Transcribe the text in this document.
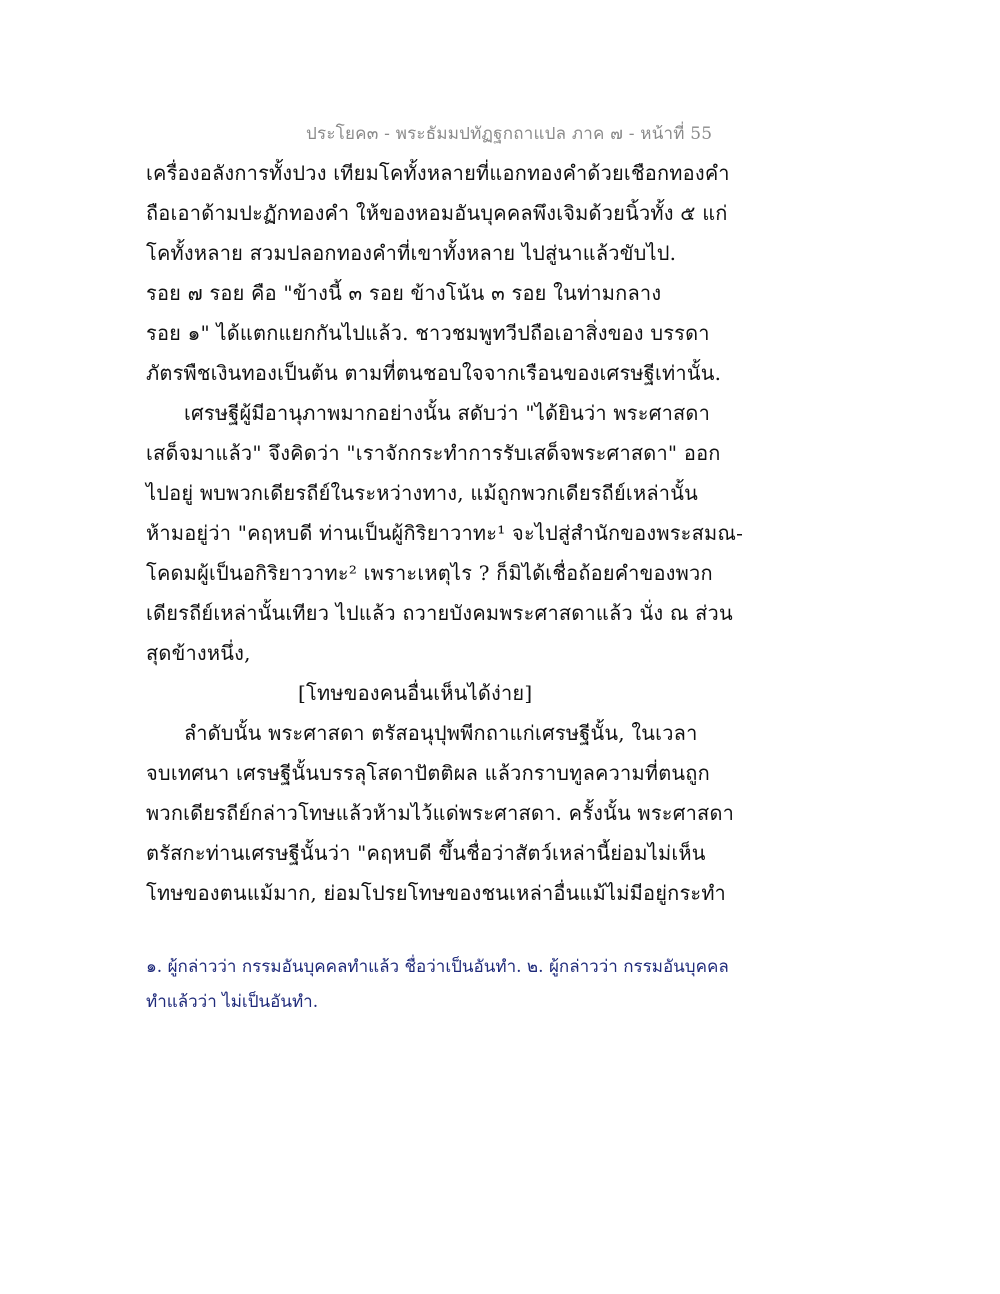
ประโยค๓ - พระธัมมปทัฏฐกถาแปล ภาค ๗ - หน้าที่ 55
เครื่องอลังการทั้งปวง เทียมโคทั้งหลายที่แอกทองคำด้วยเชือกทองคำ
ถือเอาด้ามปะฏักทองคำ ให้ของหอมอันบุคคลพึงเจิมด้วยนิ้วทั้ง ๕ แก่
โคทั้งหลาย สวมปลอกทองคำที่เขาทั้งหลาย ไปสู่นาแล้วขับไป.
รอย ๗ รอย คือ "ข้างนี้ ๓ รอย ข้างโน้น ๓ รอย ในท่ามกลาง
รอย ๑" ได้แตกแยกกันไปแล้ว. ชาวชมพูทวีปถือเอาสิ่งของ บรรดา
ภัตรพืชเงินทองเป็นต้น ตามที่ตนชอบใจจากเรือนของเศรษฐีเท่านั้น.
เศรษฐีผู้มีอานุภาพมากอย่างนั้น สดับว่า "ได้ยินว่า พระศาสดา
เสด็จมาแล้ว" จึงคิดว่า "เราจักกระทำการรับเสด็จพระศาสดา" ออก
ไปอยู่ พบพวกเดียรถีย์ในระหว่างทาง, แม้ถูกพวกเดียรถีย์เหล่านั้น
ห้ามอยู่ว่า "คฤหบดี ท่านเป็นผู้กิริยาวาทะ¹ จะไปสู่สำนักของพระสมณ-
โคดมผู้เป็นอกิริยาวาทะ² เพราะเหตุไร ? ก็มิได้เชื่อถ้อยคำของพวก
เดียรถีย์เหล่านั้นเทียว ไปแล้ว ถวายบังคมพระศาสดาแล้ว นั่ง ณ ส่วน
สุดข้างหนึ่ง,
[โทษของคนอื่นเห็นได้ง่าย]
ลำดับนั้น พระศาสดา ตรัสอนุปุพพีกถาแก่เศรษฐีนั้น, ในเวลา
จบเทศนา เศรษฐีนั้นบรรลุโสดาปัตติผล แล้วกราบทูลความที่ตนถูก
พวกเดียรถีย์กล่าวโทษแล้วห้ามไว้แด่พระศาสดา. ครั้งนั้น พระศาสดา
ตรัสกะท่านเศรษฐีนั้นว่า "คฤหบดี ขึ้นชื่อว่าสัตว์เหล่านี้ย่อมไม่เห็น
โทษของตนแม้มาก, ย่อมโปรยโทษของชนเหล่าอื่นแม้ไม่มีอยู่กระทำ
๑. ผู้กล่าวว่า กรรมอันบุคคลทำแล้ว ชื่อว่าเป็นอันทำ. ๒. ผู้กล่าวว่า กรรมอันบุคคล
ทำแล้วว่า ไม่เป็นอันทำ.
